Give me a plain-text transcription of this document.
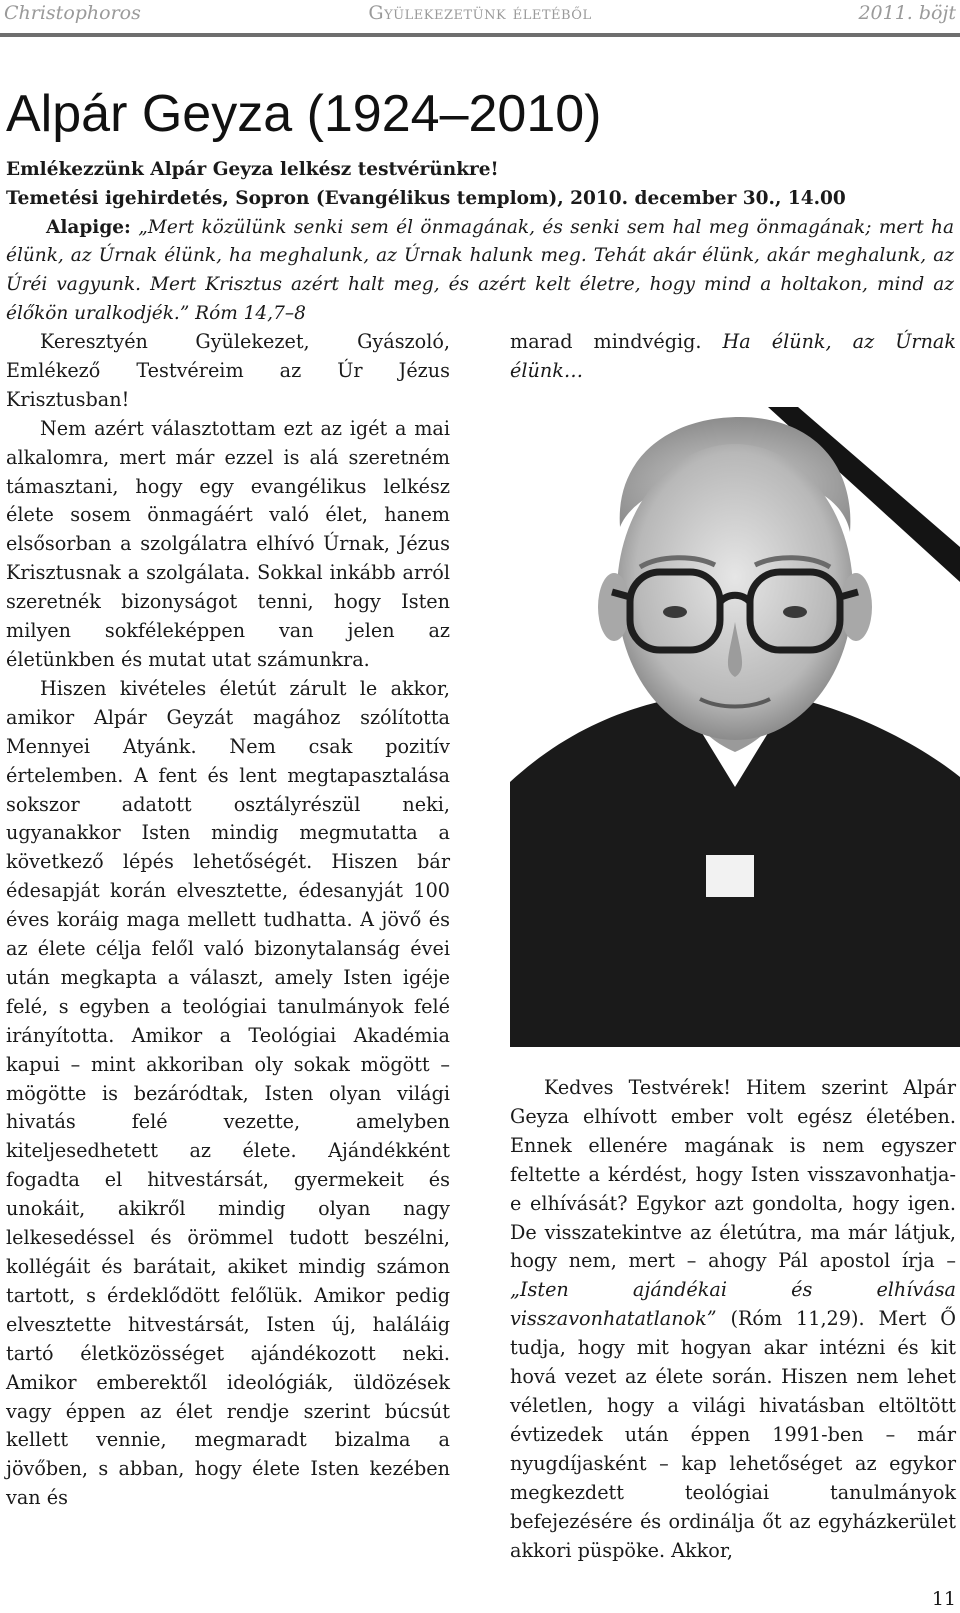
Christophoros	Gyülekezetünk életéből	2011. böjt
Alpár Geyza (1924–2010)
Emlékezzünk Alpár Geyza lelkész testvérünkre!
Temetési igehirdetés, Sopron (Evangélikus templom), 2010. december 30., 14.00
Alapige: „Mert közülünk senki sem él önmagának, és senki sem hal meg önmagának; mert ha élünk, az Úrnak élünk, ha meghalunk, az Úrnak halunk meg. Tehát akár élünk, akár meghalunk, az Úréi vagyunk. Mert Krisztus azért halt meg, és azért kelt életre, hogy mind a holtakon, mind az élőkön uralkodjék.” Róm 14,7–8

Keresztyén Gyülekezet, Gyászoló, Emlékező Testvéreim az Úr Jézus Krisztusban!

Nem azért választottam ezt az igét a mai alkalomra, mert már ezzel is alá szeretném támasztani, hogy egy evangélikus lelkész élete sosem önmagáért való élet, hanem elsősorban a szolgálatra elhívó Úrnak, Jézus Krisztusnak a szolgálata. Sokkal inkább arról szeretnék bizonyságot tenni, hogy Isten milyen sokféleképpen van jelen az életünkben és mutat utat számunkra.

Hiszen kivételes életút zárult le akkor, amikor Alpár Geyzát magához szólította Mennyei Atyánk. Nem csak pozitív értelemben. A fent és lent megtapasztalása sokszor adatott osztályrészül neki, ugyanakkor Isten mindig megmutatta a következő lépés lehetőségét. Hiszen bár édesapját korán elvesztette, édesanyját 100 éves koráig maga mellett tudhatta. A jövő és az élete célja felől való bizonytalanság évei után megkapta a választ, amely Isten igéje felé, s egyben a teológiai tanulmányok felé irányította. Amikor a Teológiai Akadémia kapui – mint akkoriban oly sokak mögött – mögötte is bezáródtak, Isten olyan világi hivatás felé vezette, amelyben kiteljesedhetett az élete. Ajándékként fogadta el hitvestársát, gyermekeit és unokáit, akikről mindig olyan nagy lelkesedéssel és örömmel tudott beszélni, kollégáit és barátait, akiket mindig számon tartott, s érdeklődött felőlük. Amikor pedig elvesztette hitvestársát, Isten új, haláláig tartó életközösséget ajándékozott neki. Amikor emberektől ideológiák, üldözések vagy éppen az élet rendje szerint búcsút kellett vennie, megmaradt bizalma a jövőben, s abban, hogy élete Isten kezében van és

marad mindvégig. Ha élünk, az Úrnak élünk…

Kedves Testvérek! Hitem szerint Alpár Geyza elhívott ember volt egész életében. Ennek ellenére magának is nem egyszer feltette a kérdést, hogy Isten visszavonhatja-e elhívását? Egykor azt gondolta, hogy igen. De visszatekintve az életútra, ma már látjuk, hogy nem, mert – ahogy Pál apostol írja – „Isten ajándékai és elhívása visszavonhatatlanok” (Róm 11,29). Mert Ő tudja, hogy mit hogyan akar intézni és kit hová vezet az élete során. Hiszen nem lehet véletlen, hogy a világi hivatásban eltöltött évtizedek után éppen 1991-ben – már nyugdíjasként – kap lehetőséget az egykor megkezdett teológiai tanulmányok befejezésére és ordinálja őt az egyházkerület akkori püspöke. Akkor,

11
